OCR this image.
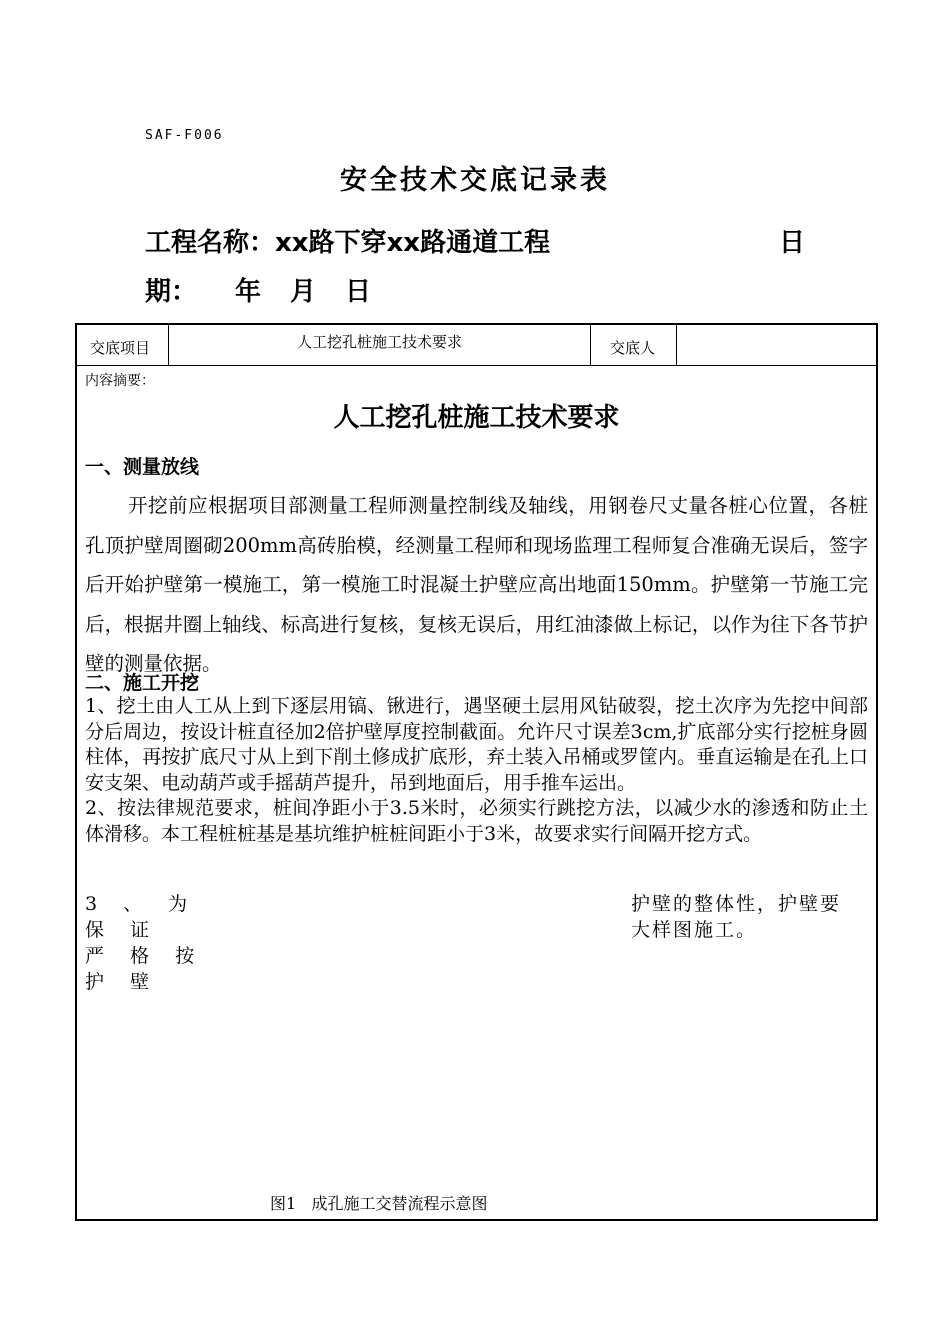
SAF-F006
安全技术交底记录表
工程名称：xx路下穿xx路通道工程	日
期： 年 月 日
交底项目	人工挖孔桩施工技术要求	交底人
内容摘要：
人工挖孔桩施工技术要求
一、测量放线
开挖前应根据项目部测量工程师测量控制线及轴线，用钢卷尺丈量各桩心位置，各桩孔顶护壁周圈砌200mm高砖胎模，经测量工程师和现场监理工程师复合准确无误后，签字后开始护壁第一模施工，第一模施工时混凝土护壁应高出地面150mm。护壁第一节施工完后，根据井圈上轴线、标高进行复核，复核无误后，用红油漆做上标记，以作为往下各节护壁的测量依据。
二、施工开挖
1、挖土由人工从上到下逐层用镐、锹进行，遇坚硬土层用风钻破裂，挖土次序为先挖中间部分后周边，按设计桩直径加2倍护壁厚度控制截面。允许尺寸误差3cm,扩底部分实行挖桩身圆柱体，再按扩底尺寸从上到下削土修成扩底形，弃土装入吊桶或罗筐内。垂直运输是在孔上口安支架、电动葫芦或手摇葫芦提升，吊到地面后，用手推车运出。
2、按法律规范要求，桩间净距小于3.5米时，必须实行跳挖方法，以减少水的渗透和防止土体滑移。本工程桩桩基是基坑维护桩桩间距小于3米，故要求实行间隔开挖方式。
3 、 为 保 证
严 格 按 护 壁
护壁的整体性，护壁要
大样图施工。
图1   成孔施工交替流程示意图
